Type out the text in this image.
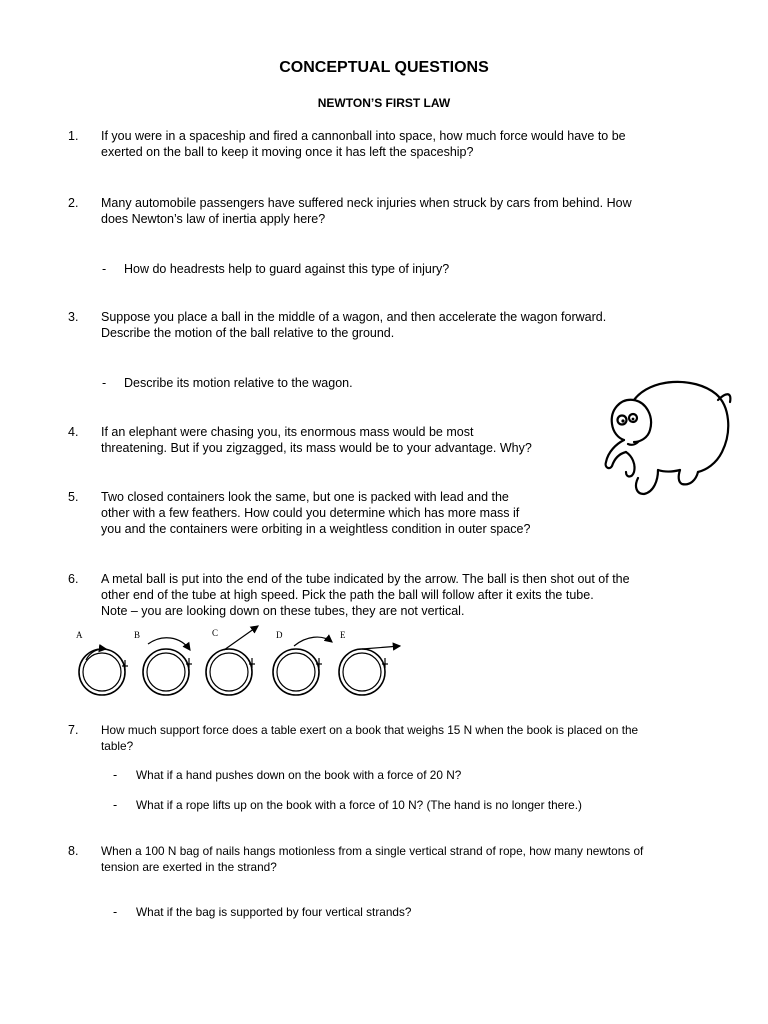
CONCEPTUAL QUESTIONS
NEWTON’S FIRST LAW
1. If you were in a spaceship and fired a cannonball into space, how much force would have to be
exerted on the ball to keep it moving once it has left the spaceship?
2. Many automobile passengers have suffered neck injuries when struck by cars from behind. How
does Newton’s law of inertia apply here?
- How do headrests help to guard against this type of injury?
3. Suppose you place a ball in the middle of a wagon, and then accelerate the wagon forward.
Describe the motion of the ball relative to the ground.
- Describe its motion relative to the wagon.
4. If an elephant were chasing you, its enormous mass would be most
threatening. But if you zigzagged, its mass would be to your advantage. Why?
5. Two closed containers look the same, but one is packed with lead and the
other with a few feathers. How could you determine which has more mass if
you and the containers were orbiting in a weightless condition in outer space?
6. A metal ball is put into the end of the tube indicated by the arrow. The ball is then shot out of the
other end of the tube at high speed. Pick the path the ball will follow after it exits the tube.
Note – you are looking down on these tubes, they are not vertical.
A	B	C	D	E
7. How much support force does a table exert on a book that weighs 15 N when the book is placed on the
table?
- What if a hand pushes down on the book with a force of 20 N?
- What if a rope lifts up on the book with a force of 10 N? (The hand is no longer there.)
8. When a 100 N bag of nails hangs motionless from a single vertical strand of rope, how many newtons of
tension are exerted in the strand?
- What if the bag is supported by four vertical strands?
